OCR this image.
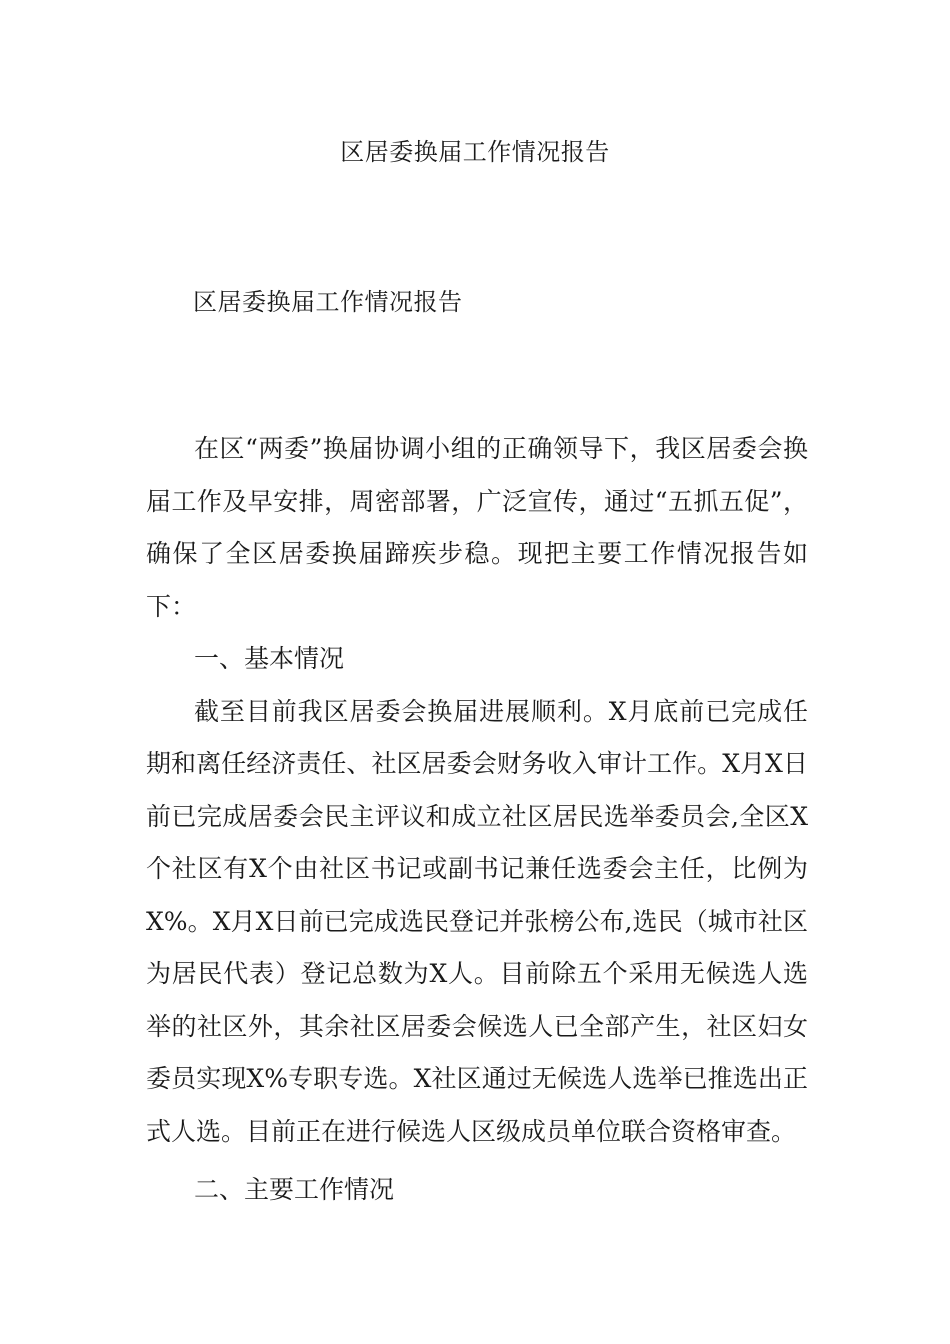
区居委换届工作情况报告
区居委换届工作情况报告

在区“两委”换届协调小组的正确领导下，我区居委会换届工作及早安排，周密部署，广泛宣传，通过“五抓五促”，确保了全区居委换届蹄疾步稳。现把主要工作情况报告如下：

一、基本情况

截至目前我区居委会换届进展顺利。X月底前已完成任期和离任经济责任、社区居委会财务收入审计工作。X月X日前已完成居委会民主评议和成立社区居民选举委员会,全区X个社区有X个由社区书记或副书记兼任选委会主任，比例为X%。X月X日前已完成选民登记并张榜公布,选民（城市社区为居民代表）登记总数为X人。目前除五个采用无候选人选举的社区外，其余社区居委会候选人已全部产生，社区妇女委员实现X%专职专选。X社区通过无候选人选举已推选出正式人选。目前正在进行候选人区级成员单位联合资格审查。

二、主要工作情况
